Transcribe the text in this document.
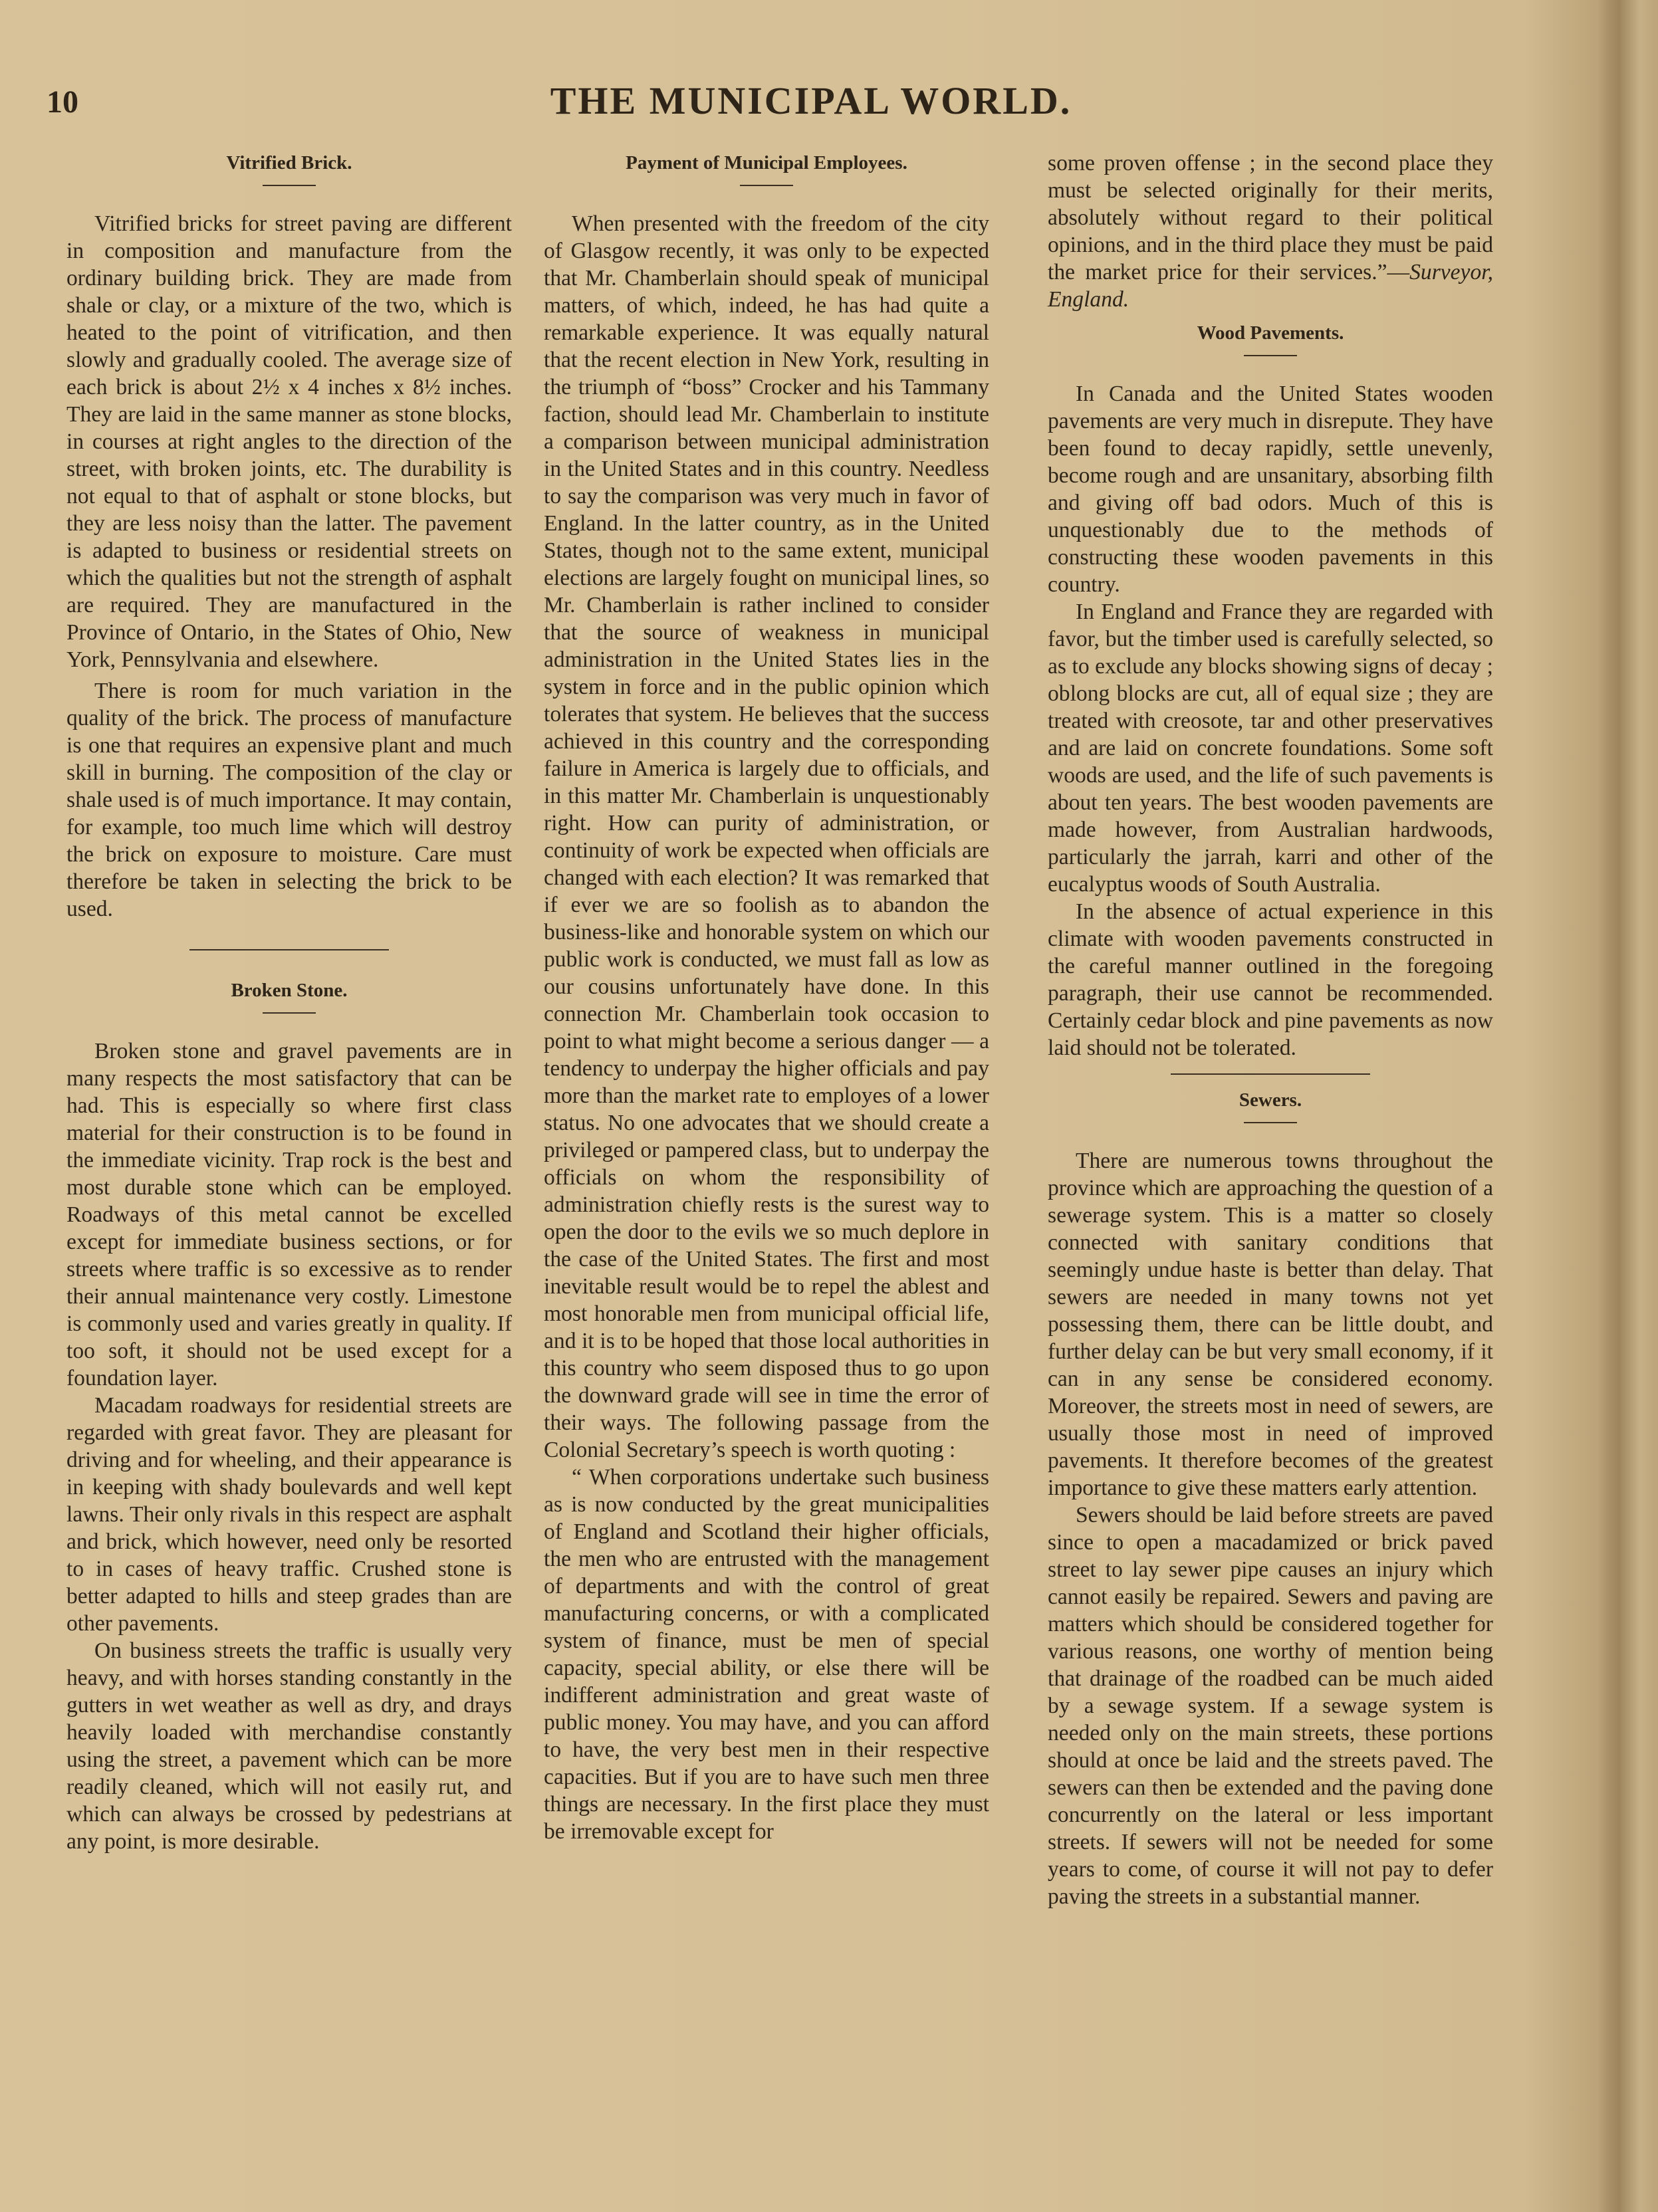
10	THE MUNICIPAL WORLD.
Vitrified Brick.

Vitrified bricks for street paving are different in composition and manufacture from the ordinary building brick. They are made from shale or clay, or a mixture of the two, which is heated to the point of vitrification, and then slowly and gradually cooled. The average size of each brick is about 2½ x 4 inches x 8½ inches. They are laid in the same manner as stone blocks, in courses at right angles to the direction of the street, with broken joints, etc. The durability is not equal to that of asphalt or stone blocks, but they are less noisy than the latter. The pavement is adapted to business or residential streets on which the qualities but not the strength of asphalt are required. They are manufactured in the Province of Ontario, in the States of Ohio, New York, Pennsylvania and elsewhere.

There is room for much variation in the quality of the brick. The process of manufacture is one that requires an expensive plant and much skill in burning. The composition of the clay or shale used is of much importance. It may contain, for example, too much lime which will destroy the brick on exposure to moisture. Care must therefore be taken in selecting the brick to be used.

Broken Stone.

Broken stone and gravel pavements are in many respects the most satisfactory that can be had. This is especially so where first class material for their construction is to be found in the immediate vicinity. Trap rock is the best and most durable stone which can be employed. Roadways of this metal cannot be excelled except for immediate business sections, or for streets where traffic is so excessive as to render their annual maintenance very costly. Limestone is commonly used and varies greatly in quality. If too soft, it should not be used except for a foundation layer.

Macadam roadways for residential streets are regarded with great favor. They are pleasant for driving and for wheeling, and their appearance is in keeping with shady boulevards and well kept lawns. Their only rivals in this respect are asphalt and brick, which however, need only be resorted to in cases of heavy traffic. Crushed stone is better adapted to hills and steep grades than are other pavements.

On business streets the traffic is usually very heavy, and with horses standing constantly in the gutters in wet weather as well as dry, and drays heavily loaded with merchandise constantly using the street, a pavement which can be more readily cleaned, which will not easily rut, and which can always be crossed by pedestrians at any point, is more desirable.

Payment of Municipal Employees.

When presented with the freedom of the city of Glasgow recently, it was only to be expected that Mr. Chamberlain should speak of municipal matters, of which, indeed, he has had quite a remarkable experience. It was equally natural that the recent election in New York, resulting in the triumph of “boss” Crocker and his Tammany faction, should lead Mr. Chamberlain to institute a comparison between municipal administration in the United States and in this country. Needless to say the comparison was very much in favor of England. In the latter country, as in the United States, though not to the same extent, municipal elections are largely fought on municipal lines, so Mr. Chamberlain is rather inclined to consider that the source of weakness in municipal administration in the United States lies in the system in force and in the public opinion which tolerates that system. He believes that the success achieved in this country and the corresponding failure in America is largely due to officials, and in this matter Mr. Chamberlain is unquestionably right. How can purity of administration, or continuity of work be expected when officials are changed with each election? It was remarked that if ever we are so foolish as to abandon the business-like and honorable system on which our public work is conducted, we must fall as low as our cousins unfortunately have done. In this connection Mr. Chamberlain took occasion to point to what might become a serious danger — a tendency to underpay the higher officials and pay more than the market rate to employes of a lower status. No one advocates that we should create a privileged or pampered class, but to underpay the officials on whom the responsibility of administration chiefly rests is the surest way to open the door to the evils we so much deplore in the case of the United States. The first and most inevitable result would be to repel the ablest and most honorable men from municipal official life, and it is to be hoped that those local authorities in this country who seem disposed thus to go upon the downward grade will see in time the error of their ways. The following passage from the Colonial Secretary’s speech is worth quoting :

“ When corporations undertake such business as is now conducted by the great municipalities of England and Scotland their higher officials, the men who are entrusted with the management of departments and with the control of great manufacturing concerns, or with a complicated system of finance, must be men of special capacity, special ability, or else there will be indifferent administration and great waste of public money. You may have, and you can afford to have, the very best men in their respective capacities. But if you are to have such men three things are necessary. In the first place they must be irremovable except for

some proven offense ; in the second place they must be selected originally for their merits, absolutely without regard to their political opinions, and in the third place they must be paid the market price for their services.”—Surveyor, England.

Wood Pavements.

In Canada and the United States wooden pavements are very much in disrepute. They have been found to decay rapidly, settle unevenly, become rough and are unsanitary, absorbing filth and giving off bad odors. Much of this is unquestionably due to the methods of constructing these wooden pavements in this country.

In England and France they are regarded with favor, but the timber used is carefully selected, so as to exclude any blocks showing signs of decay ; oblong blocks are cut, all of equal size ; they are treated with creosote, tar and other preservatives and are laid on concrete foundations. Some soft woods are used, and the life of such pavements is about ten years. The best wooden pavements are made however, from Australian hardwoods, particularly the jarrah, karri and other of the eucalyptus woods of South Australia.

In the absence of actual experience in this climate with wooden pavements constructed in the careful manner outlined in the foregoing paragraph, their use cannot be recommended. Certainly cedar block and pine pavements as now laid should not be tolerated.

Sewers.

There are numerous towns throughout the province which are approaching the question of a sewerage system. This is a matter so closely connected with sanitary conditions that seemingly undue haste is better than delay. That sewers are needed in many towns not yet possessing them, there can be little doubt, and further delay can be but very small economy, if it can in any sense be considered economy. Moreover, the streets most in need of sewers, are usually those most in need of improved pavements. It therefore becomes of the greatest importance to give these matters early attention.

Sewers should be laid before streets are paved since to open a macadamized or brick paved street to lay sewer pipe causes an injury which cannot easily be repaired. Sewers and paving are matters which should be considered together for various reasons, one worthy of mention being that drainage of the roadbed can be much aided by a sewage system. If a sewage system is needed only on the main streets, these portions should at once be laid and the streets paved. The sewers can then be extended and the paving done concurrently on the lateral or less important streets. If sewers will not be needed for some years to come, of course it will not pay to defer paving the streets in a substantial manner.
